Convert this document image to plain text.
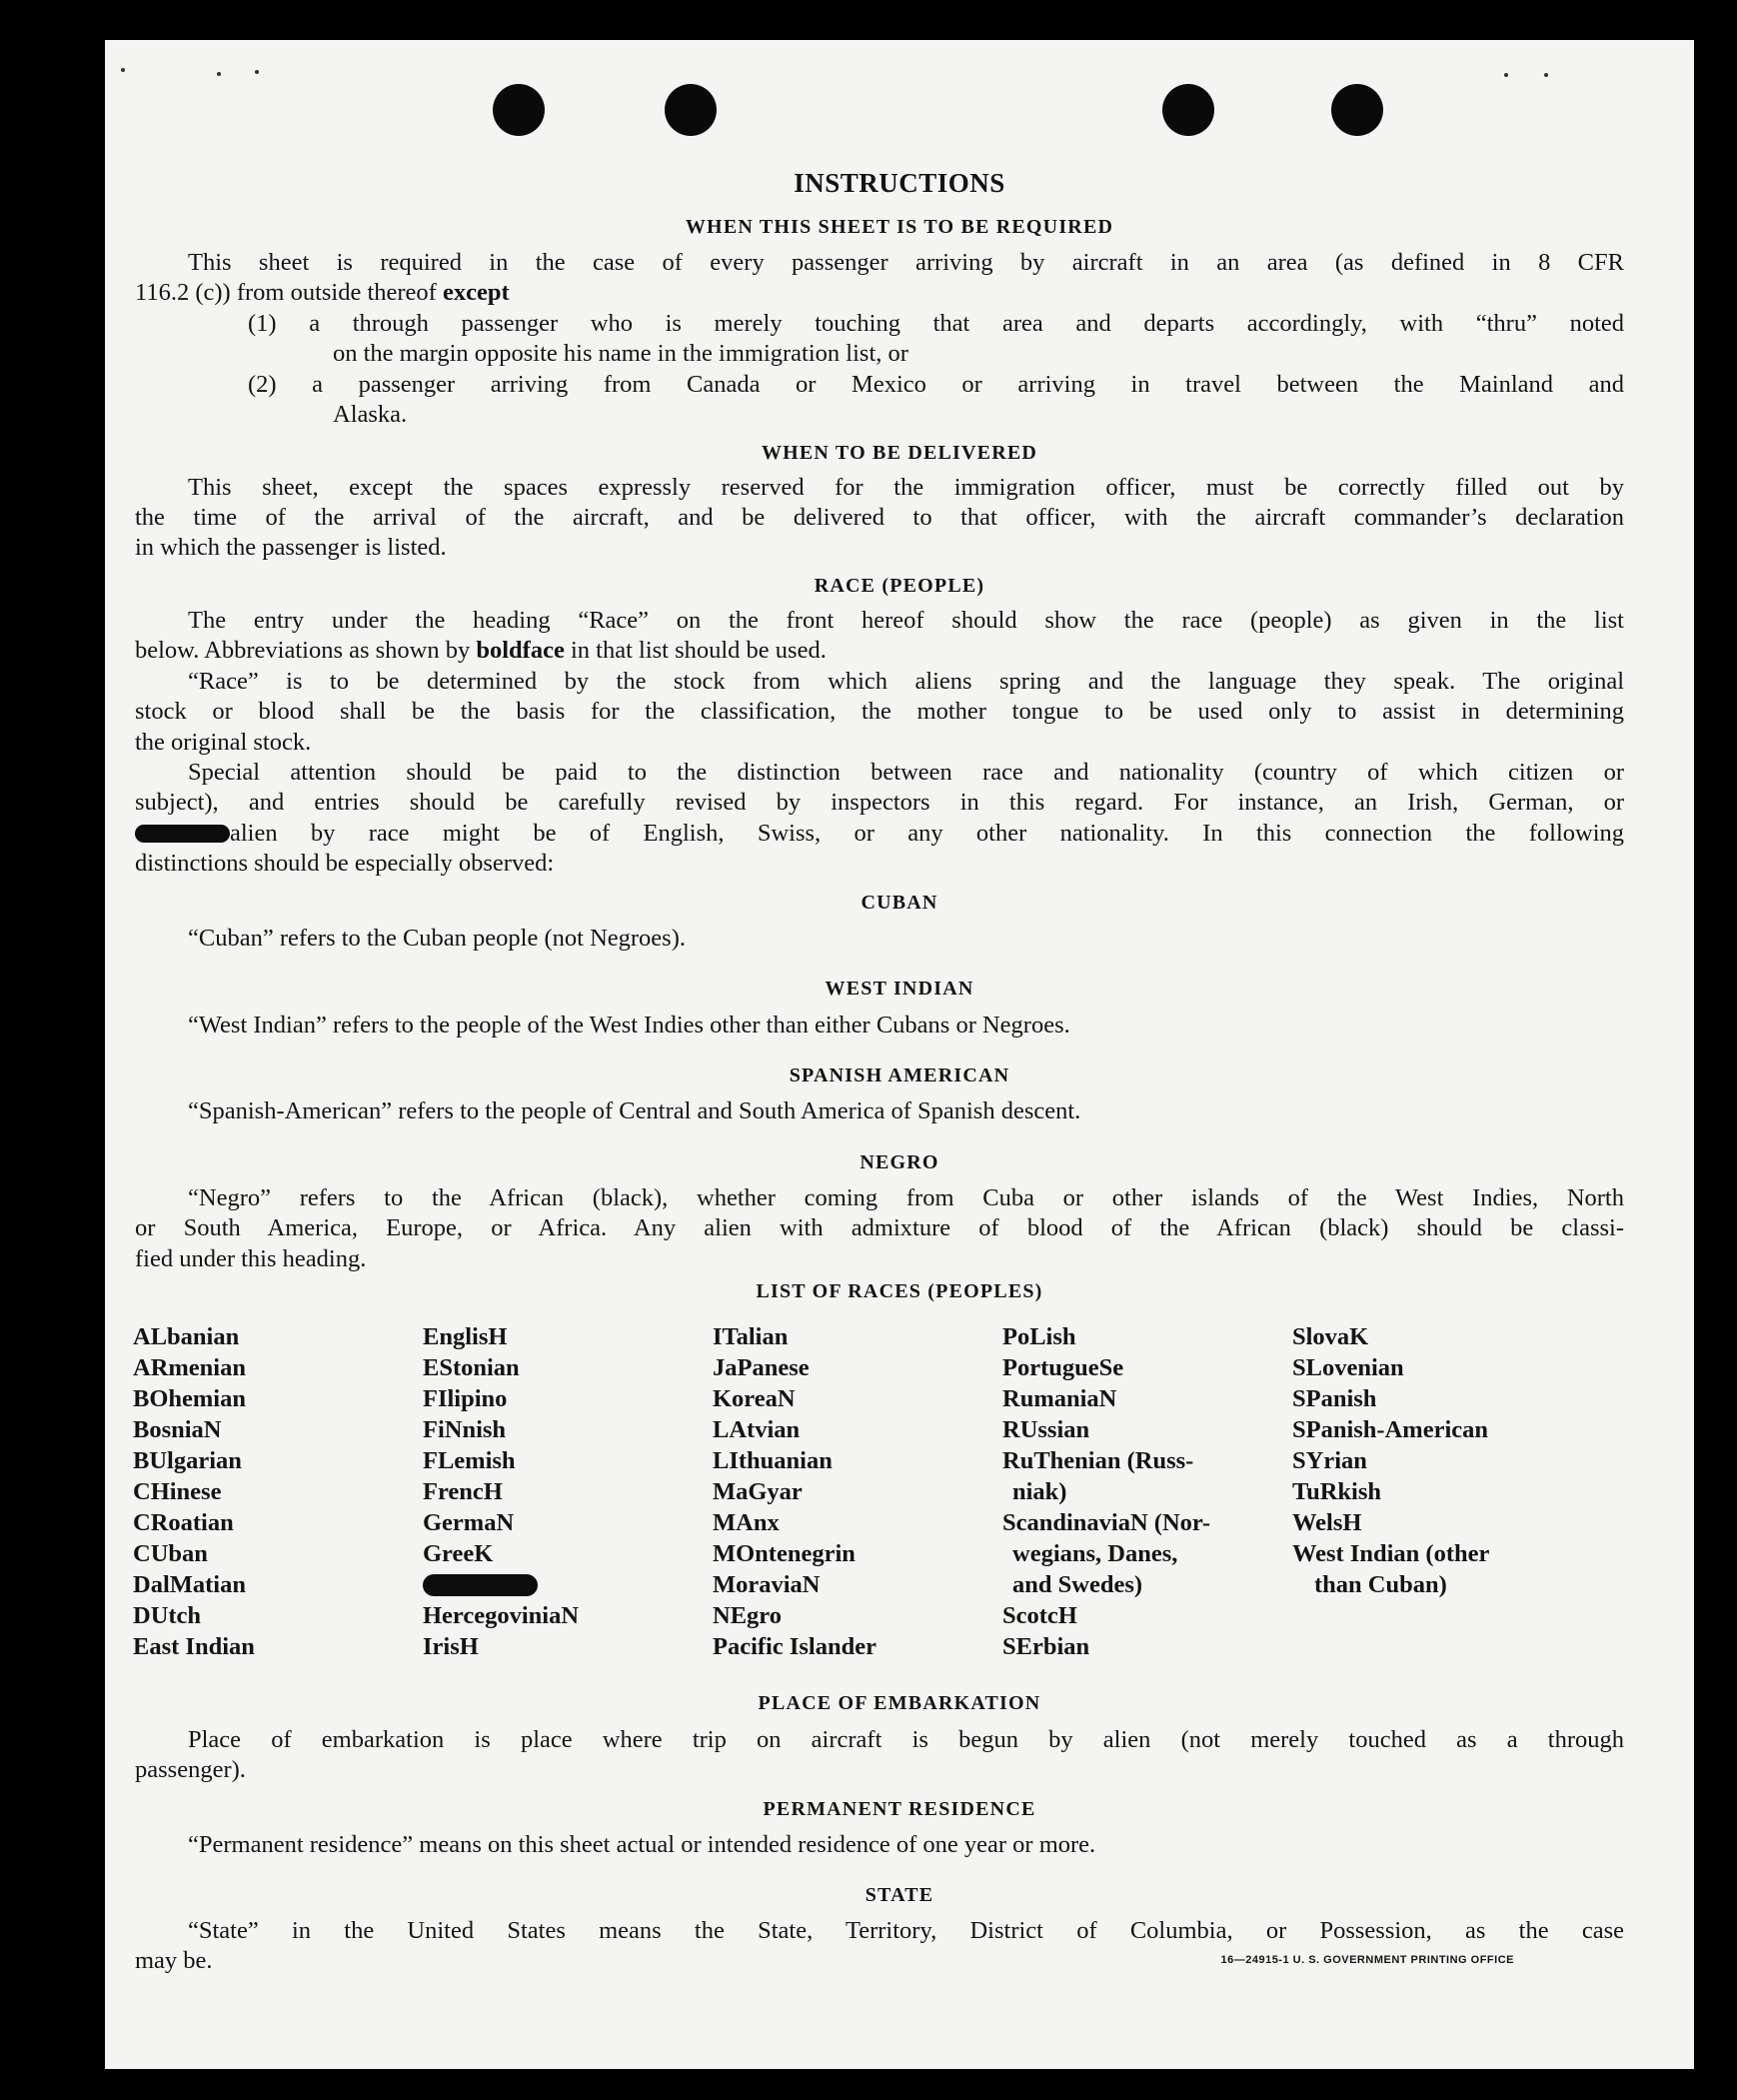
INSTRUCTIONS
WHEN THIS SHEET IS TO BE REQUIRED
This sheet is required in the case of every passenger arriving by aircraft in an area (as defined in 8 CFR
116.2 (c)) from outside thereof except
(1) a through passenger who is merely touching that area and departs accordingly, with “thru” noted
on the margin opposite his name in the immigration list, or
(2) a passenger arriving from Canada or Mexico or arriving in travel between the Mainland and
Alaska.
WHEN TO BE DELIVERED
This sheet, except the spaces expressly reserved for the immigration officer, must be correctly filled out by
the time of the arrival of the aircraft, and be delivered to that officer, with the aircraft commander’s declaration
in which the passenger is listed.
RACE (PEOPLE)
The entry under the heading “Race” on the front hereof should show the race (people) as given in the list
below. Abbreviations as shown by boldface in that list should be used.
“Race” is to be determined by the stock from which aliens spring and the language they speak. The original
stock or blood shall be the basis for the classification, the mother tongue to be used only to assist in determining
the original stock.
Special attention should be paid to the distinction between race and nationality (country of which citizen or
subject), and entries should be carefully revised by inspectors in this regard. For instance, an Irish, German, or
alien by race might be of English, Swiss, or any other nationality. In this connection the following
distinctions should be especially observed:
CUBAN
“Cuban” refers to the Cuban people (not Negroes).
WEST INDIAN
“West Indian” refers to the people of the West Indies other than either Cubans or Negroes.
SPANISH AMERICAN
“Spanish-American” refers to the people of Central and South America of Spanish descent.
NEGRO
“Negro” refers to the African (black), whether coming from Cuba or other islands of the West Indies, North
or South America, Europe, or Africa. Any alien with admixture of blood of the African (black) should be classi-
fied under this heading.
LIST OF RACES (PEOPLES)
ALbanian
ARmenian
BOhemian
BosniaN
BUlgarian
CHinese
CRoatian
CUban
DalMatian
DUtch
East Indian
EnglisH
EStonian
FIlipino
FiNnish
FLemish
FrencH
GermaN
GreeK
HercegoviniaN
IrisH
ITalian
JaPanese
KoreaN
LAtvian
LIthuanian
MaGyar
MAnx
MOntenegrin
MoraviaN
NEgro
Pacific Islander
PoLish
PortugueSe
RumaniaN
RUssian
RuThenian (Russ-
niak)
ScandinaviaN (Nor-
wegians, Danes,
and Swedes)
ScotcH
SErbian
SlovaK
SLovenian
SPanish
SPanish-American
SYrian
TuRkish
WelsH
West Indian (other
than Cuban)
PLACE OF EMBARKATION
Place of embarkation is place where trip on aircraft is begun by alien (not merely touched as a through
passenger).
PERMANENT RESIDENCE
“Permanent residence” means on this sheet actual or intended residence of one year or more.
STATE
“State” in the United States means the State, Territory, District of Columbia, or Possession, as the case
may be.	16—24915-1 U. S. GOVERNMENT PRINTING OFFICE
